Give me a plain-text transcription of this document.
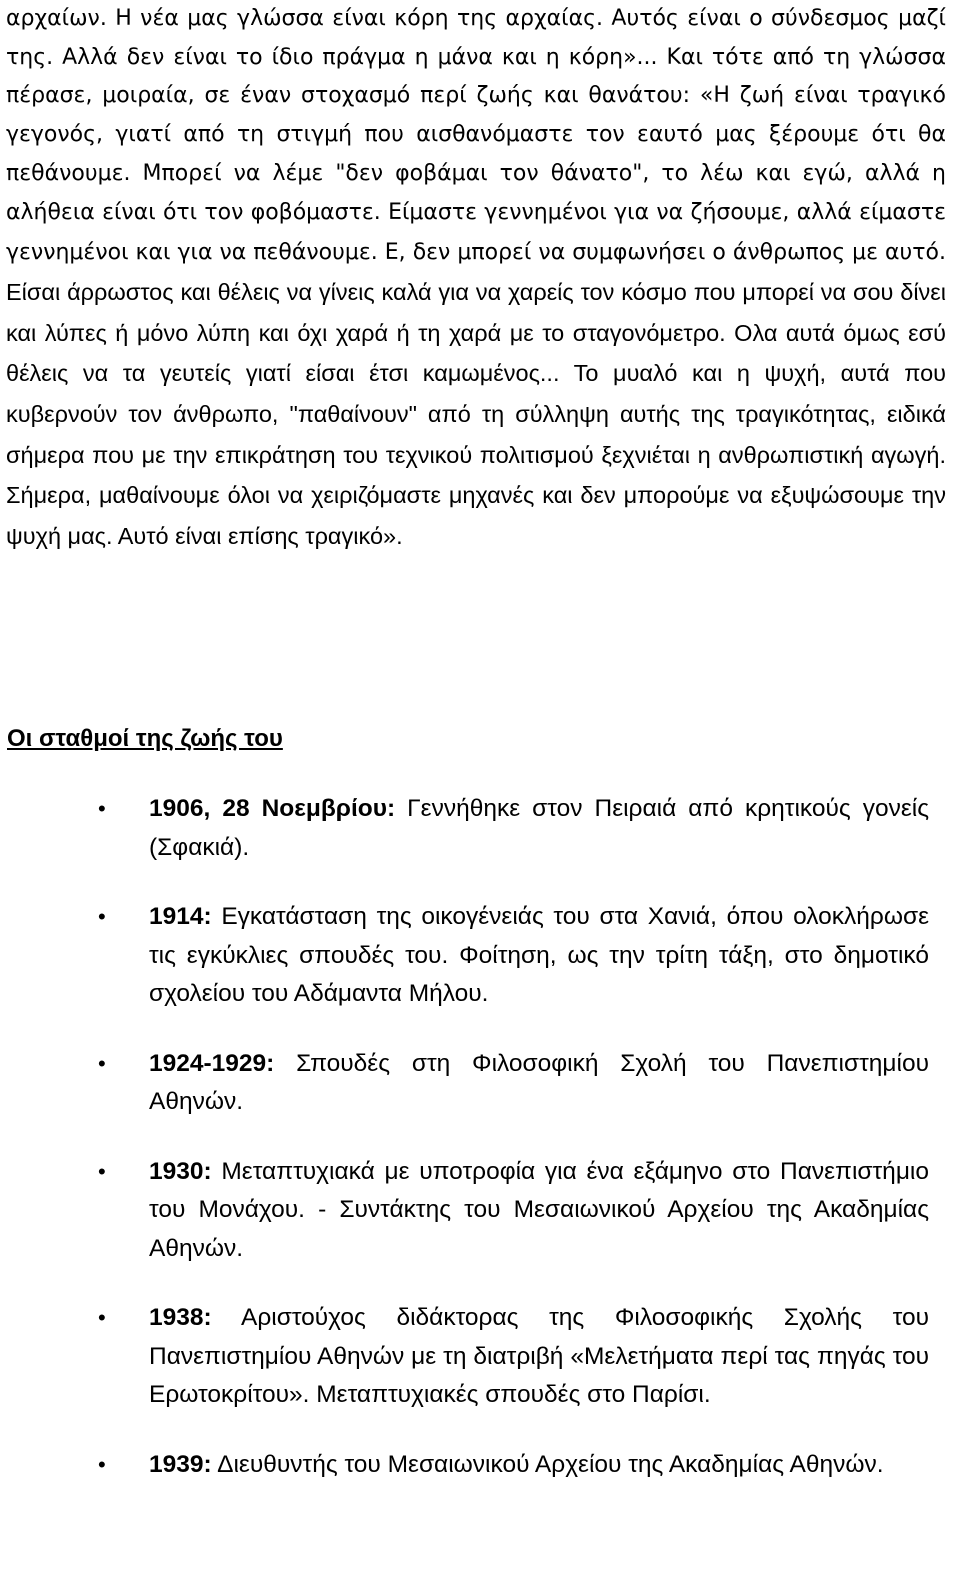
αρχαίων. Η νέα μας γλώσσα είναι κόρη της αρχαίας. Αυτός είναι ο σύνδεσμος μαζί της. Αλλά δεν είναι το ίδιο πράγμα η μάνα και η κόρη»... Και τότε από τη γλώσσα πέρασε, μοιραία, σε έναν στοχασμό περί ζωής και θανάτου: «Η ζωή είναι τραγικό γεγονός, γιατί από τη στιγμή που αισθανόμαστε τον εαυτό μας ξέρουμε ότι θα πεθάνουμε. Μπορεί να λέμε "δεν φοβάμαι τον θάνατο", το λέω και εγώ, αλλά η αλήθεια είναι ότι τον φοβόμαστε. Είμαστε γεννημένοι για να ζήσουμε, αλλά είμαστε γεννημένοι και για να πεθάνουμε. Ε, δεν μπορεί να συμφωνήσει ο άνθρωπος με αυτό. Είσαι άρρωστος και θέλεις να γίνεις καλά για να χαρείς τον κόσμο που μπορεί να σου δίνει και λύπες ή μόνο λύπη και όχι χαρά ή τη χαρά με το σταγονόμετρο. Ολα αυτά όμως εσύ θέλεις να τα γευτείς γιατί είσαι έτσι καμωμένος... Το μυαλό και η ψυχή, αυτά που κυβερνούν τον άνθρωπο, "παθαίνουν" από τη σύλληψη αυτής της τραγικότητας, ειδικά σήμερα που με την επικράτηση του τεχνικού πολιτισμού ξεχνιέται η ανθρωπιστική αγωγή. Σήμερα, μαθαίνουμε όλοι να χειριζόμαστε μηχανές και δεν μπορούμε να εξυψώσουμε την ψυχή μας. Αυτό είναι επίσης τραγικό».

Οι σταθμοί της ζωής του
• 1906, 28 Νοεμβρίου: Γεννήθηκε στον Πειραιά από κρητικούς γονείς (Σφακιά).
• 1914: Εγκατάσταση της οικογένειάς του στα Χανιά, όπου ολοκλήρωσε τις εγκύκλιες σπουδές του. Φοίτηση, ως την τρίτη τάξη, στο δημοτικό σχολείου του Αδάμαντα Μήλου.
• 1924-1929: Σπουδές στη Φιλοσοφική Σχολή του Πανεπιστημίου Αθηνών.
• 1930: Μεταπτυχιακά με υποτροφία για ένα εξάμηνο στο Πανεπιστήμιο του Μονάχου. - Συντάκτης του Μεσαιωνικού Αρχείου της Ακαδημίας Αθηνών.
• 1938: Αριστούχος διδάκτορας της Φιλοσοφικής Σχολής του Πανεπιστημίου Αθηνών με τη διατριβή «Μελετήματα περί τας πηγάς του Ερωτοκρίτου». Μεταπτυχιακές σπουδές στο Παρίσι.
• 1939: Διευθυντής του Μεσαιωνικού Αρχείου της Ακαδημίας Αθηνών.
